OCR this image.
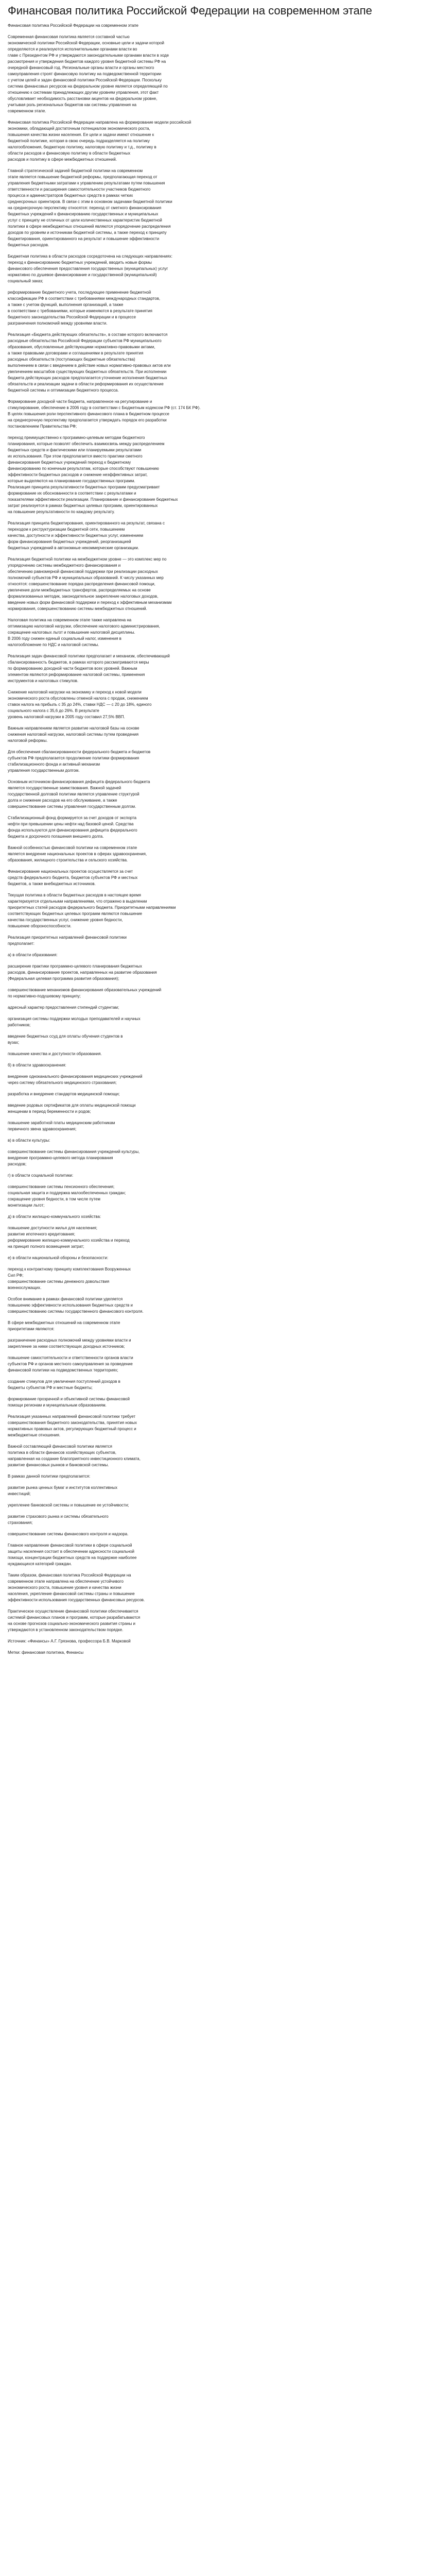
Финансовая политика Российской Федерации на современном этапе

Финансовая политика Российской Федерации на современном этапе

Современная финансовая политика является составной частью
экономической политики Российской Федерации, основные цели и задачи которой
определяются и реализуются исполнительными органами власти во
главе с Президентом РФ и утверждаются законодательными органами власти в ходе
рассмотрения и утверждения бюджетов каждого уровня бюджетной системы РФ на
очередной финансовый год. Региональные органы власти и органы местного
самоуправления строят финансовую политику на подведомственной территории
с учетом целей и задач финансовой политики Российской Федерации. Поскольку
система финансовых ресурсов на федеральном уровне является определяющей по
отношению к системам принадлежащих другим уровням управления, этот факт
обусловливает необходимость расстановки акцентов на федеральном уровне,
учитывая роль региональных бюджетов как системы управления на
современном этапе.

Финансовая политика Российской Федерации направлена на формирование модели российской
экономики, обладающей достаточным потенциалом экономического роста,
повышения качества жизни населения. Ее цели и задачи имеют отношение к
бюджетной политике, которая в свою очередь подразделяется на политику
налогообложения, бюджетную политику, налоговую политику и т.д., политику в
области расходов и финансовую политику в области бюджетных
расходов и политику в сфере межбюджетных отношений.

Главной стратегической задачей бюджетной политики на современном
этапе является повышение бюджетной реформы, предполагающая переход от
управления бюджетными затратами к управлению результатами путем повышения
ответственности и расширения самостоятельности участников бюджетного
процесса и администраторов бюджетных средств в рамках четких
среднесрочных ориентиров. В связи с этим в основном задачами бюджетной политики
на среднесрочную перспективу относятся: переход от сметного финансирования
бюджетных учреждений к финансированию государственных и муниципальных
услуг с принципу не отличных от цели количественных характеристик бюджетной
политики в сфере межбюджетных отношений являются упорядочение распределения
доходов по уровням и источникам бюджетной системы, а также переход к принципу
бюджетирования, ориентированного на результат и повышение эффективности
бюджетных расходов.

Бюджетная политика в области расходов сосредоточена на следующих направлениях:
переход к финансированию бюджетных учреждений, вводить новые формы
финансового обеспечения предоставления государственных (муниципальных) услуг
нормативно по душевое финансирование и государственной (муниципальной)
социальный заказ;

реформирование бюджетного учета, последующее применение бюджетной
классификации РФ в соответствии с требованиями международных стандартов,
а также с учетом функций, выполнения организаций, а также
в соответствии с требованиями, которые изменяются в результате принятия
бюджетного законодательства Российской Федерации и в процессе
разграничения полномочий между уровнями власти.

Реализация «Бюджета действующих обязательств», в составе которого включаются
расходные обязательства Российской Федерации субъектов РФ муниципального
образования, обусловленные действующими нормативно-правовыми актами,
а также правовыми договорами и соглашениями в результате принятия
расходных обязательств (поступающих бюджетные обязательства)
выполнением в связи с введением в действие новых нормативно-правовых актов или
увеличением масштабов существующих бюджетных обязательств. При исполнении
бюджета действующих расходов предполагается уточнение исполнения бюджетных
обязательств и реализации задачи в области реформирования их осуществление
бюджетной системы и оптимизации бюджетного процесса.

Формирование доходной части бюджета, направленное на регулирование и
стимулирование, обеспечение в 2006 году в соответствии с Бюджетным кодексом РФ (ст. 174 БК РФ).
В целях повышения роли перспективного финансового плана в бюджетном процессе
на среднесрочную перспективу предполагается утверждать порядок его разработки
постановлением Правительства РФ;

переход преимущественно к программно-целевым методам бюджетного
планирования, которые позволят обеспечить взаимосвязь между распределением
бюджетных средств и фактическими или планируемыми результатами
их использования. При этом предполагается вместо практики сметного
финансирования бюджетных учреждений переход к бюджетному
финансированию по конечным результатам, которые способствуют повышению
эффективности бюджетных расходов и снижение неэффективных затрат,
которые выделяются на планирование государственных программ.
Реализация принципа результативности бюджетных программ предусматривает
формирование их обоснованности в соответствии с результатами и
показателями эффективности реализации. Планирование и финансирование бюджетных
затрат реализуется в рамках бюджетных целевых программ, ориентированных
на повышение результативности по каждому результату.

Реализация принципа бюджетирования, ориентированного на результат, связана с
переходом к реструктуризации бюджетной сети, повышением
качества, доступности и эффективности бюджетных услуг, изменением
форм финансирования бюджетных учреждений, реорганизацией
бюджетных учреждений в автономные некоммерческие организации.

Реализация бюджетной политики на межбюджетном уровне — это комплекс мер по
упорядочению системы межбюджетного финансирования и
обеспечению равномерной финансовой поддержки при реализации расходных
полномочий субъектов РФ и муниципальных образований. К числу указанных мер
относятся: совершенствование порядка распределения финансовой помощи,
увеличение доли межбюджетных трансфертов, распределяемых на основе
формализованных методик, законодательное закрепление налоговых доходов,
введение новых форм финансовой поддержки и переход к эффективным механизмам
нормирования, совершенствованию системы межбюджетных отношений.

Налоговая политика на современном этапе также направлена на
оптимизацию налоговой нагрузки, обеспечение налогового администрирования,
сокращение налоговых льгот и повышение налоговой дисциплины.
В 2006 году снижен единый социальный налог, изменения в
налогообложение по НДС и налоговой системы.

Реализация задач финансовой политики предполагает и механизм, обеспечивающий
сбалансированность бюджетов, в рамках которого рассматриваются меры
по формированию доходной части бюджетов всех уровней. Важным
элементом являются реформирование налоговой системы, применения
инструментов и налоговых стимулов.

Снижение налоговой нагрузки на экономику и переход к новой модели
экономического роста обусловлены отменой налога с продаж, снижением
ставок налога на прибыль с 35 до 24%, ставки НДС — с 20 до 18%, единого
социального налога с 35,6 до 26%. В результате
уровень налоговой нагрузки в 2005 году составил 27,5% ВВП.

Важным направлением является развитие налоговой базы на основе
снижения налоговой нагрузки, налоговой системы путем проведения
налоговой реформы.

Для обеспечения сбалансированности федерального бюджета и бюджетов
субъектов РФ предполагается продолжение политики формирования
стабилизационного фонда и активный механизм
управления государственным долгом.

Основным источником финансирования дефицита федерального бюджета
является государственные заимствования. Важной задачей
государственной долговой политики является управление структурой
долга и снижение расходов на его обслуживание, а также
совершенствование системы управления государственным долгом.

Стабилизационный фонд формируется за счет доходов от экспорта
нефти при превышении цены нефти над базовой ценой. Средства
фонда используются для финансирования дефицита федерального
бюджета и досрочного погашения внешнего долга.

Важной особенностью финансовой политики на современном этапе
является внедрение национальных проектов в сферах здравоохранения,
образования, жилищного строительства и сельского хозяйства.

Финансирование национальных проектов осуществляется за счет
средств федерального бюджета, бюджетов субъектов РФ и местных
бюджетов, а также внебюджетных источников.

Текущая политика в области бюджетных расходов в настоящее время
характеризуется отдельными направлениями, что отражено в выделении
приоритетных статей расходов федерального бюджета. Приоритетными направлениями
соответствующих бюджетных целевых программ являются повышение
качества государственных услуг, снижение уровня бедности,
повышение обороноспособности.

Реализация приоритетных направлений финансовой политики
предполагает:

а) в области образования:

расширение практики программно-целевого планирования бюджетных
расходов, финансирование проектов, направленных на развитие образования
(Федеральная целевая программа развития образования);

совершенствование механизмов финансирования образовательных учреждений
по нормативно-подушевому принципу;

адресный характер предоставления стипендий студентам;

организация системы поддержки молодых преподавателей и научных
работников;

введение бюджетных ссуд для оплаты обучения студентов в
вузах;

повышение качества и доступности образования.

б) в области здравоохранения:

внедрение одноканального финансирования медицинских учреждений
через систему обязательного медицинского страхования;

разработка и внедрение стандартов медицинской помощи;

введение родовых сертификатов для оплаты медицинской помощи
женщинам в период беременности и родов;

повышение заработной платы медицинским работникам
первичного звена здравоохранения;

в) в области культуры:

совершенствование системы финансирования учреждений культуры,
внедрение программно-целевого метода планирования
расходов;

г) в области социальной политики:

совершенствование системы пенсионного обеспечения;
социальная защита и поддержка малообеспеченных граждан;
сокращение уровня бедности, в том числе путем
монетизации льгот;

д) в области жилищно-коммунального хозяйства:

повышение доступности жилья для населения;
развитие ипотечного кредитования;
реформирование жилищно-коммунального хозяйства и переход
на принцип полного возмещения затрат;

е) в области национальной обороны и безопасности:

переход к контрактному принципу комплектования Вооруженных
Сил РФ;
совершенствование системы денежного довольствия
военнослужащих.

Особое внимание в рамках финансовой политики уделяется
повышению эффективности использования бюджетных средств и
совершенствованию системы государственного финансового контроля.

В сфере межбюджетных отношений на современном этапе
приоритетами являются:

разграничение расходных полномочий между уровнями власти и
закрепление за ними соответствующих доходных источников;

повышение самостоятельности и ответственности органов власти
субъектов РФ и органов местного самоуправления за проведение
финансовой политики на подведомственных территориях;

создание стимулов для увеличения поступлений доходов в
бюджеты субъектов РФ и местные бюджеты;

формирование прозрачной и объективной системы финансовой
помощи регионам и муниципальным образованиям.

Реализация указанных направлений финансовой политики требует
совершенствования бюджетного законодательства, принятия новых
нормативных правовых актов, регулирующих бюджетный процесс и
межбюджетные отношения.

Важной составляющей финансовой политики является
политика в области финансов хозяйствующих субъектов,
направленная на создание благоприятного инвестиционного климата,
развитие финансовых рынков и банковской системы.

В рамках данной политики предполагается:

развитие рынка ценных бумаг и институтов коллективных
инвестиций;

укрепление банковской системы и повышение ее устойчивости;

развитие страхового рынка и системы обязательного
страхования;

совершенствование системы финансового контроля и надзора.

Главное направление финансовой политики в сфере социальной
защиты населения состоит в обеспечении адресности социальной
помощи, концентрации бюджетных средств на поддержке наиболее
нуждающихся категорий граждан.

Таким образом, финансовая политика Российской Федерации на
современном этапе направлена на обеспечение устойчивого
экономического роста, повышение уровня и качества жизни
населения, укрепление финансовой системы страны и повышение
эффективности использования государственных финансовых ресурсов.

Практическое осуществление финансовой политики обеспечивается
системой финансовых планов и программ, которые разрабатываются
на основе прогнозов социально-экономического развития страны и
утверждаются в установленном законодательством порядке.

Источник: «Финансы» А.Г. Грязнова, профессора Б.В. Марковой
Метки: финансовая политика, Финансы
